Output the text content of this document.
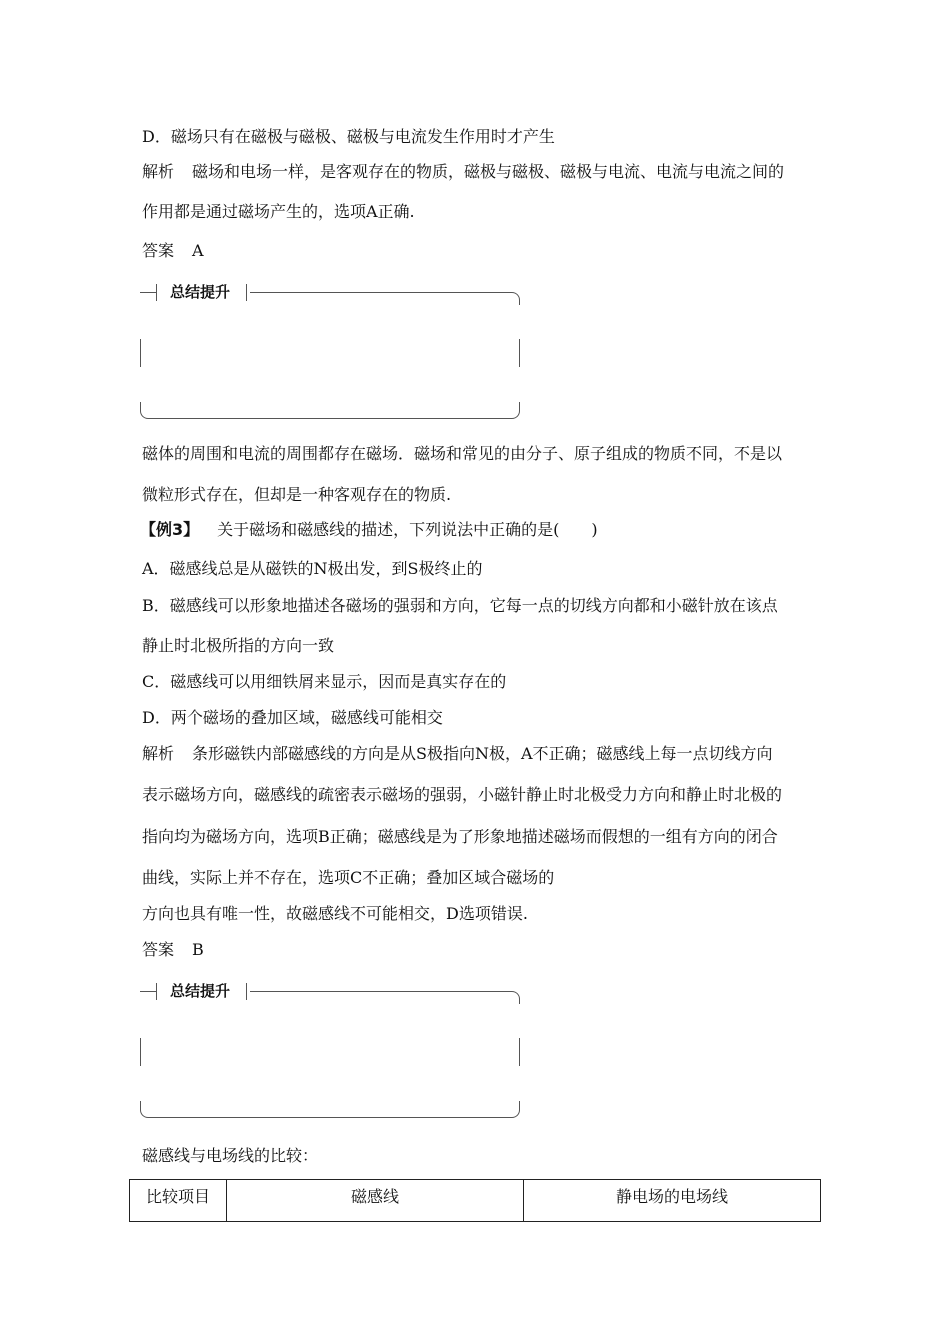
D．磁场只有在磁极与磁极、磁极与电流发生作用时才产生
解析 磁场和电场一样，是客观存在的物质，磁极与磁极、磁极与电流、电流与电流之间的
作用都是通过磁场产生的，选项A正确.
答案 A
总结提升
磁体的周围和电流的周围都存在磁场．磁场和常见的由分子、原子组成的物质不同，不是以
微粒形式存在，但却是一种客观存在的物质.
【例3】 关于磁场和磁感线的描述，下列说法中正确的是(　　)
A．磁感线总是从磁铁的N极出发，到S极终止的
B．磁感线可以形象地描述各磁场的强弱和方向，它每一点的切线方向都和小磁针放在该点
静止时北极所指的方向一致
C．磁感线可以用细铁屑来显示，因而是真实存在的
D．两个磁场的叠加区域，磁感线可能相交
解析 条形磁铁内部磁感线的方向是从S极指向N极，A不正确；磁感线上每一点切线方向
表示磁场方向，磁感线的疏密表示磁场的强弱，小磁针静止时北极受力方向和静止时北极的
指向均为磁场方向，选项B正确；磁感线是为了形象地描述磁场而假想的一组有方向的闭合
曲线，实际上并不存在，选项C不正确；叠加区域合磁场的
方向也具有唯一性，故磁感线不可能相交，D选项错误.
答案 B
总结提升
磁感线与电场线的比较：
比较项目	磁感线	静电场的电场线
